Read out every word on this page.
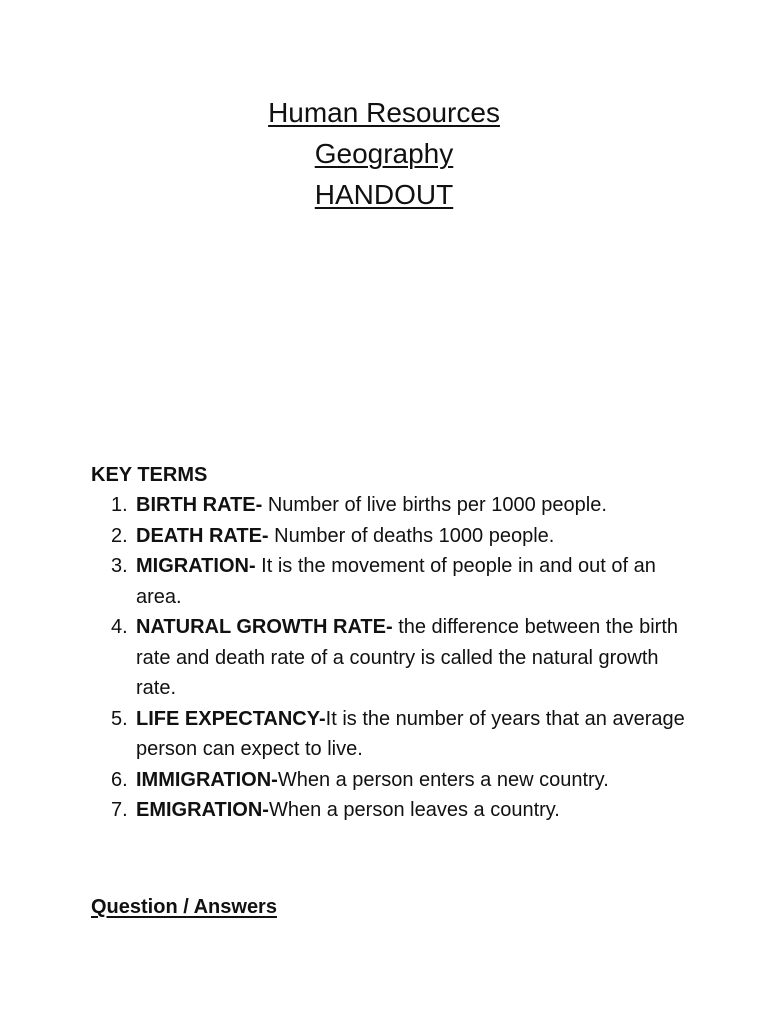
Human Resources
Geography
HANDOUT

KEY TERMS

1. BIRTH RATE- Number of live births per 1000 people.
2. DEATH RATE- Number of deaths 1000 people.
3. MIGRATION- It is the movement of people in and out of an area.
4. NATURAL GROWTH RATE- the difference between the birth rate and death rate of a country is called the natural growth rate.
5. LIFE EXPECTANCY-It is the number of years that an average person can expect to live.
6. IMMIGRATION-When a person enters a new country.
7. EMIGRATION-When a person leaves a country.

Question / Answers
